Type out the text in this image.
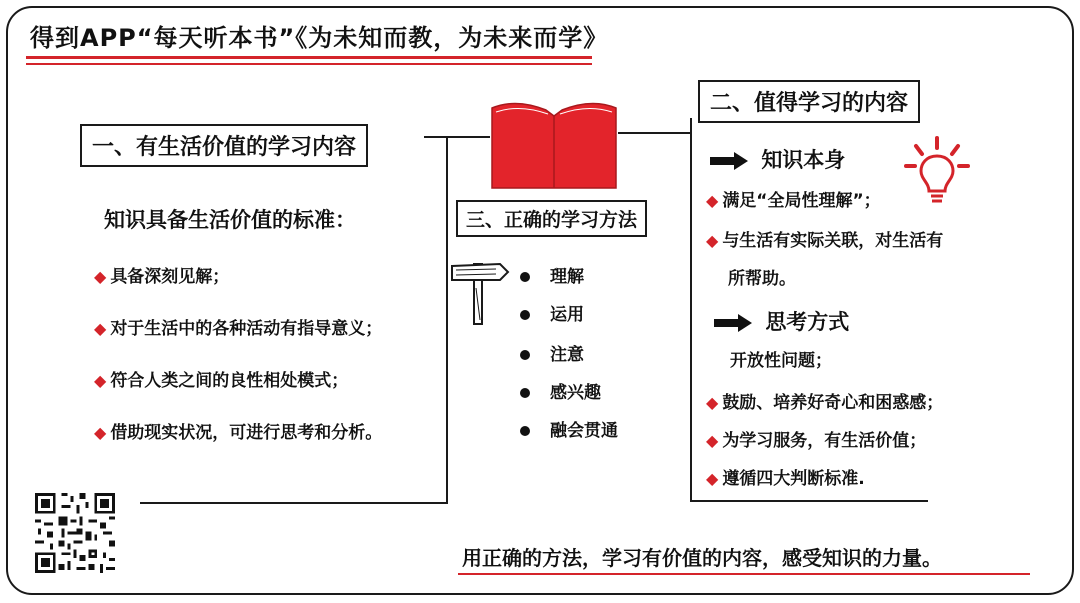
得到APP“每天听本书”《为未知而教，为未来而学》
一、有生活价值的学习内容
知识具备生活价值的标准：
◆ 具备深刻见解；
◆ 对于生活中的各种活动有指导意义；
◆ 符合人类之间的良性相处模式；
◆ 借助现实状况，可进行思考和分析。
三、正确的学习方法
理解
运用
注意
感兴趣
融会贯通
二、值得学习的内容
知识本身
◆ 满足“全局性理解”；
◆ 与生活有实际关联，对生活有
所帮助。
思考方式
开放性问题；
◆ 鼓励、培养好奇心和困惑感；
◆ 为学习服务，有生活价值；
◆ 遵循四大判断标准.
用正确的方法，学习有价值的内容，感受知识的力量。
